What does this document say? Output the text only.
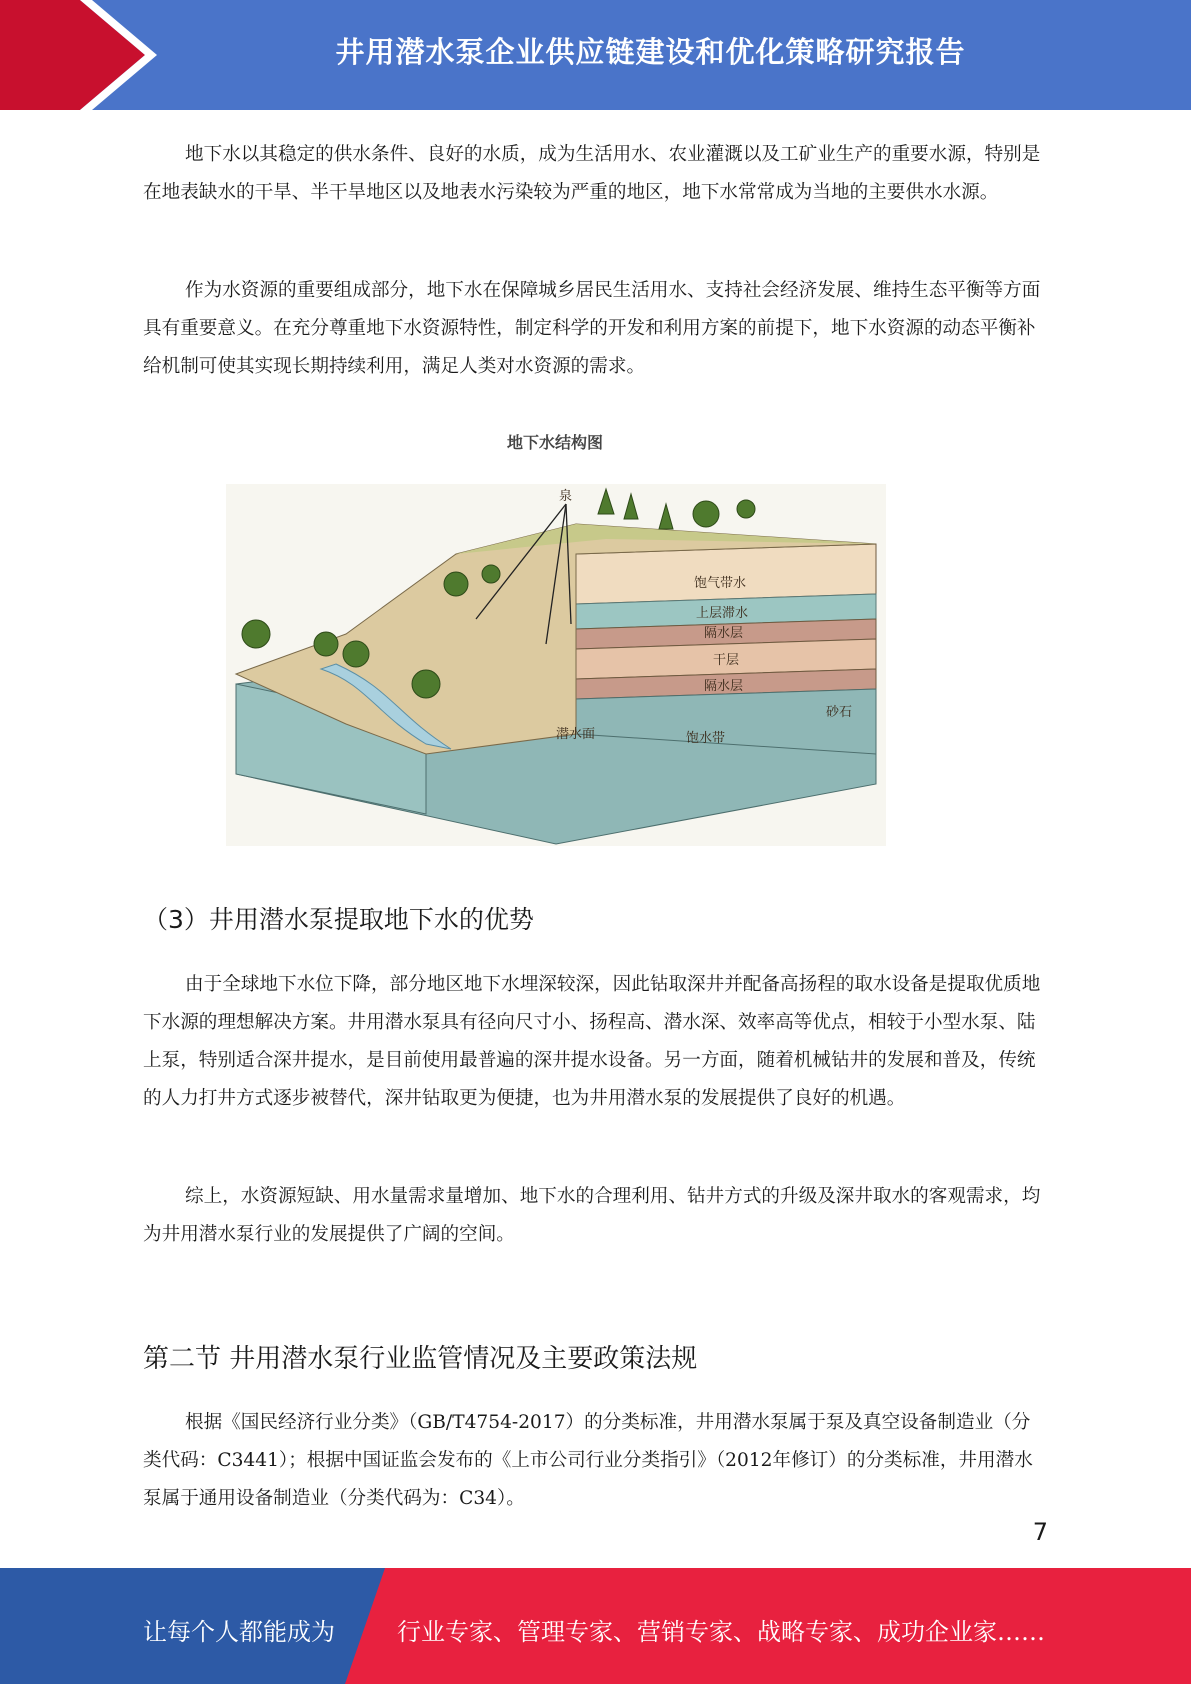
井用潜水泵企业供应链建设和优化策略研究报告

地下水以其稳定的供水条件、良好的水质，成为生活用水、农业灌溉以及工矿业生产的重要水源，特别是在地表缺水的干旱、半干旱地区以及地表水污染较为严重的地区，地下水常常成为当地的主要供水水源。

作为水资源的重要组成部分，地下水在保障城乡居民生活用水、支持社会经济发展、维持生态平衡等方面具有重要意义。在充分尊重地下水资源特性，制定科学的开发和利用方案的前提下，地下水资源的动态平衡补给机制可使其实现长期持续利用，满足人类对水资源的需求。

地下水结构图
泉
饱气带水
上层滞水
隔水层
干层
隔水层
砂石
潜水面	饱水带
（3）井用潜水泵提取地下水的优势

由于全球地下水位下降，部分地区地下水埋深较深，因此钻取深井并配备高扬程的取水设备是提取优质地下水源的理想解决方案。井用潜水泵具有径向尺寸小、扬程高、潜水深、效率高等优点，相较于小型水泵、陆上泵，特别适合深井提水，是目前使用最普遍的深井提水设备。另一方面，随着机械钻井的发展和普及，传统的人力打井方式逐步被替代，深井钻取更为便捷，也为井用潜水泵的发展提供了良好的机遇。

综上，水资源短缺、用水量需求量增加、地下水的合理利用、钻井方式的升级及深井取水的客观需求，均为井用潜水泵行业的发展提供了广阔的空间。

第二节 井用潜水泵行业监管情况及主要政策法规

根据《国民经济行业分类》（GB/T4754-2017）的分类标准，井用潜水泵属于泵及真空设备制造业（分类代码：C3441）；根据中国证监会发布的《上市公司行业分类指引》（2012年修订）的分类标准，井用潜水泵属于通用设备制造业（分类代码为：C34）。

7
让每个人都能成为	行业专家、管理专家、营销专家、战略专家、成功企业家……
